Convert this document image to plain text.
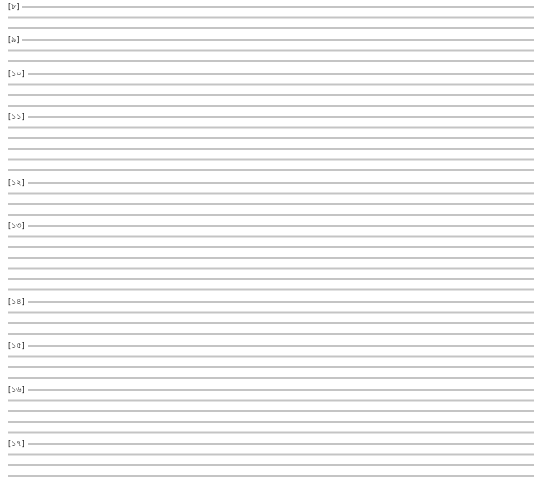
[৮]

[৯]

[১০]

[১১]

[১২]

[১৩]

[১৪]

[১৫]

[১৬]

[১৭]
